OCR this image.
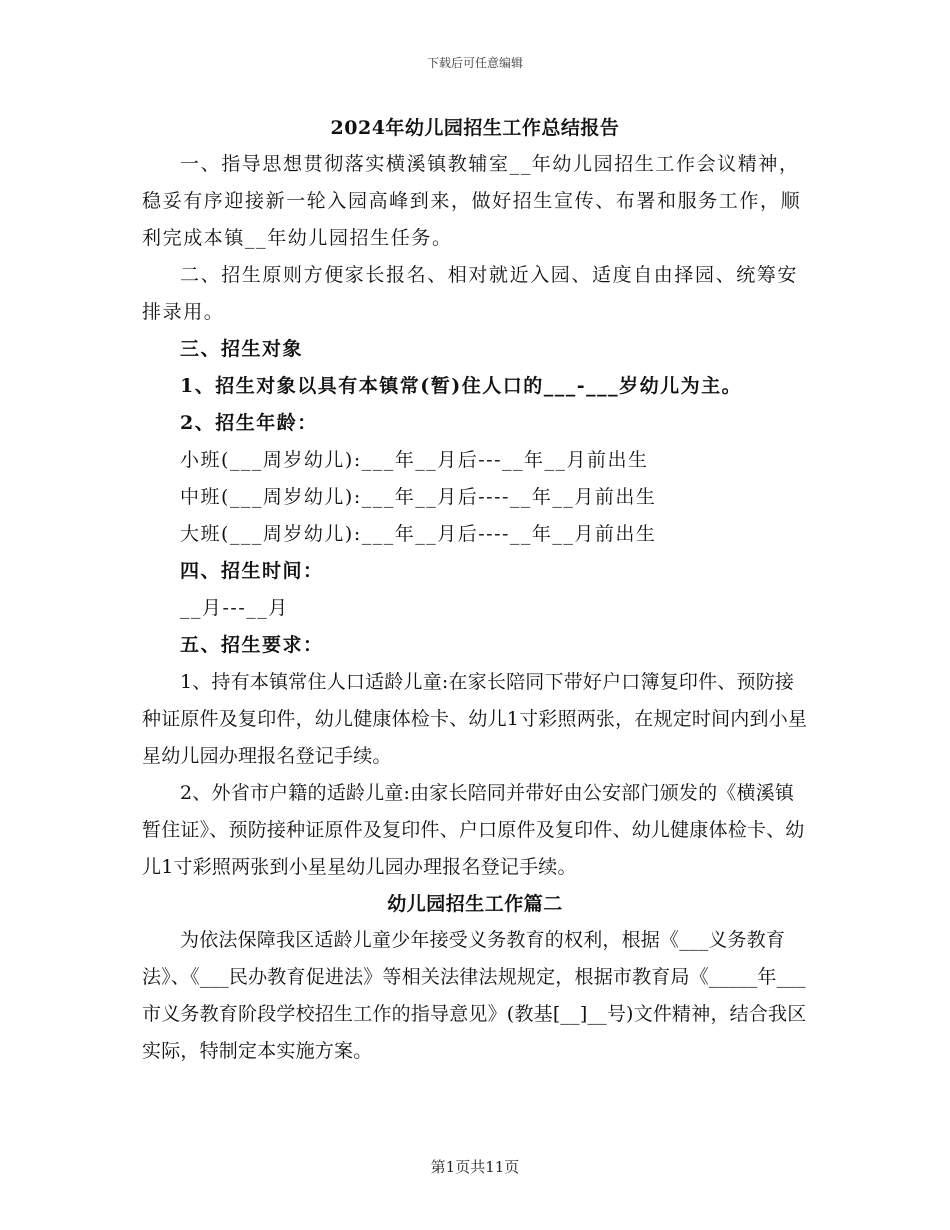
下载后可任意编辑
2024年幼儿园招生工作总结报告

一、指导思想贯彻落实横溪镇教辅室__年幼儿园招生工作会议精神，稳妥有序迎接新一轮入园高峰到来，做好招生宣传、布署和服务工作，顺利完成本镇__年幼儿园招生任务。

二、招生原则方便家长报名、相对就近入园、适度自由择园、统筹安排录用。

三、招生对象
1、招生对象以具有本镇常(暂)住人口的___-___岁幼儿为主。
2、招生年龄：
小班(___周岁幼儿):___年__月后---__年__月前出生
中班(___周岁幼儿):___年__月后----__年__月前出生
大班(___周岁幼儿):___年__月后----__年__月前出生
四、招生时间：
__月---__月
五、招生要求：

1、持有本镇常住人口适龄儿童:在家长陪同下带好户口簿复印件、预防接种证原件及复印件，幼儿健康体检卡、幼儿1寸彩照两张，在规定时间内到小星星幼儿园办理报名登记手续。

2、外省市户籍的适龄儿童:由家长陪同并带好由公安部门颁发的《横溪镇暂住证》、预防接种证原件及复印件、户口原件及复印件、幼儿健康体检卡、幼儿1寸彩照两张到小星星幼儿园办理报名登记手续。

幼儿园招生工作篇二

为依法保障我区适龄儿童少年接受义务教育的权利，根据《___义务教育法》、《___民办教育促进法》等相关法律法规规定，根据市教育局《_____年___市义务教育阶段学校招生工作的指导意见》(教基[__]__号)文件精神，结合我区实际，特制定本实施方案。

第1页共11页
